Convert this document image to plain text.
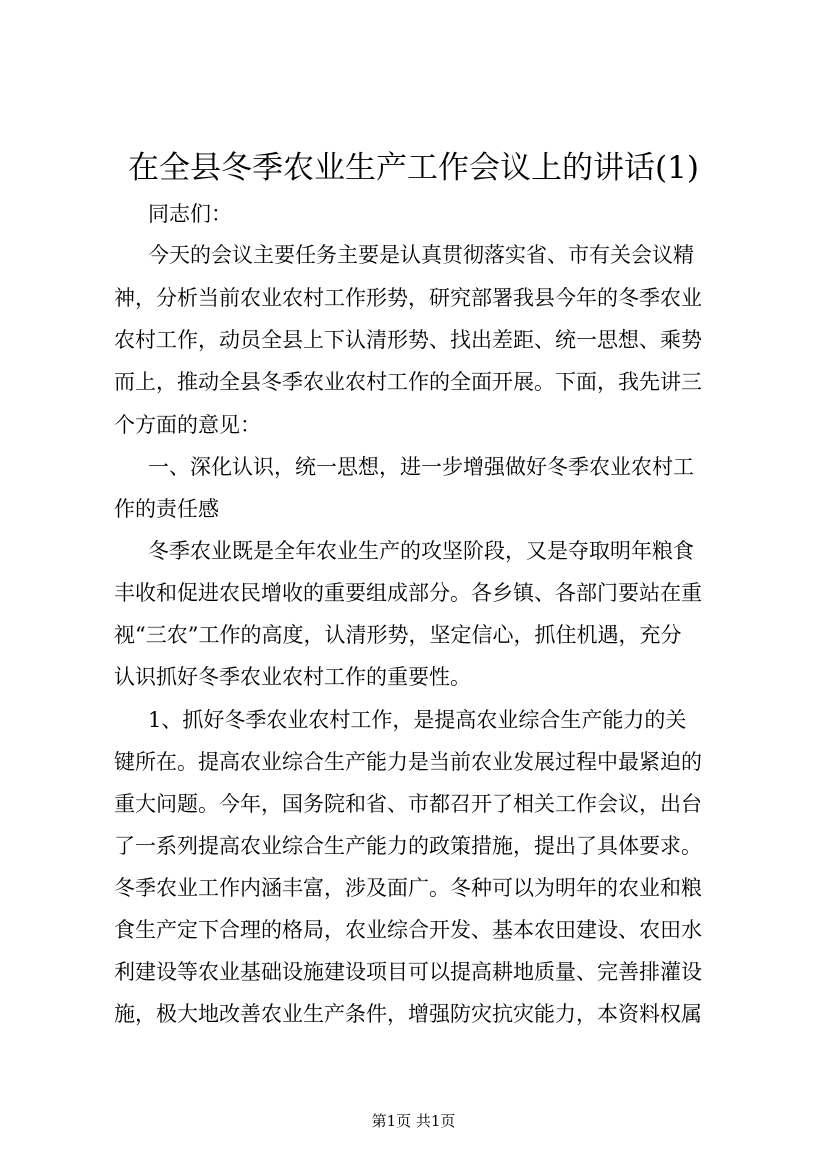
在全县冬季农业生产工作会议上的讲话(1)
同志们：
今天的会议主要任务主要是认真贯彻落实省、市有关会议精
神，分析当前农业农村工作形势，研究部署我县今年的冬季农业
农村工作，动员全县上下认清形势、找出差距、统一思想、乘势
而上，推动全县冬季农业农村工作的全面开展。下面，我先讲三
个方面的意见：
一、深化认识，统一思想，进一步增强做好冬季农业农村工
作的责任感
冬季农业既是全年农业生产的攻坚阶段，又是夺取明年粮食
丰收和促进农民增收的重要组成部分。各乡镇、各部门要站在重
视“三农”工作的高度，认清形势，坚定信心，抓住机遇，充分
认识抓好冬季农业农村工作的重要性。
1、抓好冬季农业农村工作，是提高农业综合生产能力的关
键所在。提高农业综合生产能力是当前农业发展过程中最紧迫的
重大问题。今年，国务院和省、市都召开了相关工作会议，出台
了一系列提高农业综合生产能力的政策措施，提出了具体要求。
冬季农业工作内涵丰富，涉及面广。冬种可以为明年的农业和粮
食生产定下合理的格局，农业综合开发、基本农田建设、农田水
利建设等农业基础设施建设项目可以提高耕地质量、完善排灌设
施，极大地改善农业生产条件，增强防灾抗灾能力，本资料权属
第1页 共1页
